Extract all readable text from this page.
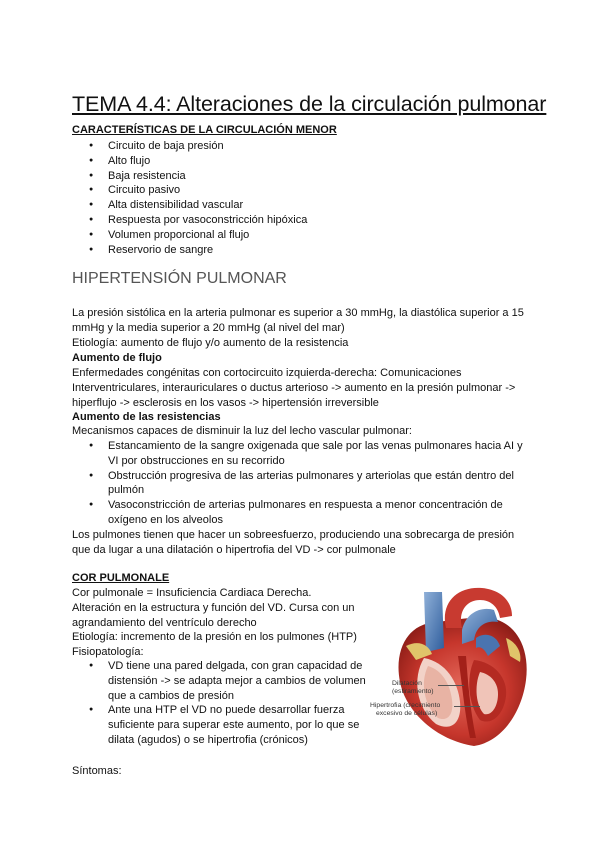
TEMA 4.4: Alteraciones de la circulación pulmonar
CARACTERÍSTICAS DE LA CIRCULACIÓN MENOR
● Circuito de baja presión
● Alto flujo
● Baja resistencia
● Circuito pasivo
● Alta distensibilidad vascular
● Respuesta por vasoconstricción hipóxica
● Volumen proporcional al flujo
● Reservorio de sangre
HIPERTENSIÓN PULMONAR

La presión sistólica en la arteria pulmonar es superior a 30 mmHg, la diastólica superior a 15 mmHg y la media superior a 20 mmHg (al nivel del mar)

Etiología: aumento de flujo y/o aumento de la resistencia

Aumento de flujo

Enfermedades congénitas con cortocircuito izquierda-derecha: Comunicaciones Interventriculares, interauriculares o ductus arterioso -> aumento en la presión pulmonar -> hiperflujo -> esclerosis en los vasos -> hipertensión irreversible

Aumento de las resistencias

Mecanismos capaces de disminuir la luz del lecho vascular pulmonar:

● Estancamiento de la sangre oxigenada que sale por las venas pulmonares hacia AI y VI por obstrucciones en su recorrido
● Obstrucción progresiva de las arterias pulmonares y arteriolas que están dentro del pulmón
● Vasoconstricción de arterias pulmonares en respuesta a menor concentración de oxígeno en los alveolos

Los pulmones tienen que hacer un sobreesfuerzo, produciendo una sobrecarga de presión que da lugar a una dilatación o hipertrofia del VD -> cor pulmonale

COR PULMONALE

Cor pulmonale = Insuficiencia Cardiaca Derecha.

Alteración en la estructura y función del VD. Cursa con un agrandamiento del ventrículo derecho

Etiología: incremento de la presión en los pulmones (HTP)

Fisiopatología:

● VD tiene una pared delgada, con gran capacidad de distensión -> se adapta mejor a cambios de volumen que a cambios de presión
● Ante una HTP el VD no puede desarrollar fuerza suficiente para superar este aumento, por lo que se dilata (agudos) o se hipertrofia (crónicos)

Síntomas:

Dilatación
(estiramiento)
Hipertrofia (crecimiento
excesivo de células)
